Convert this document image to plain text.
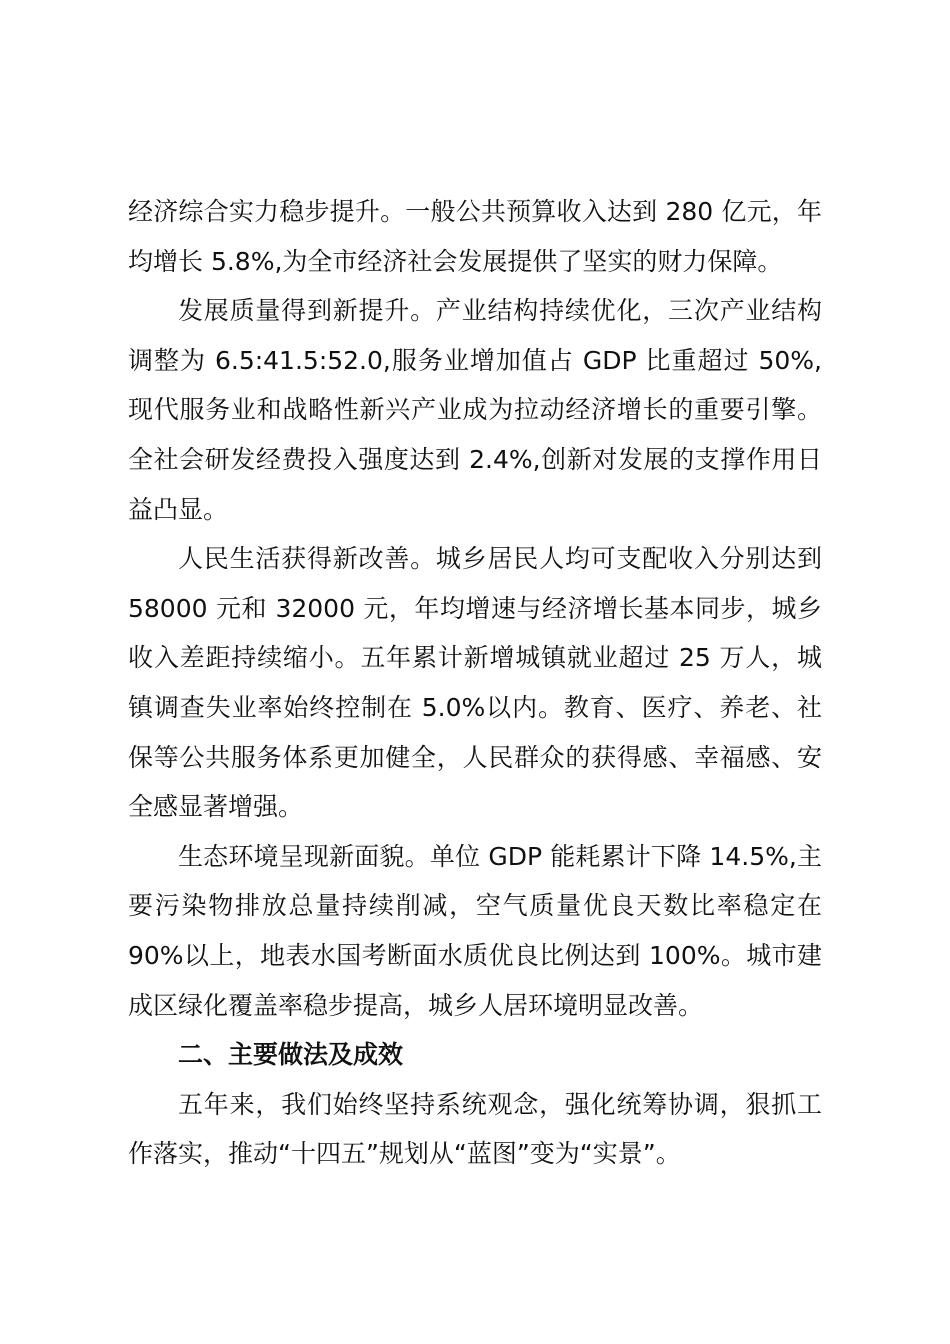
经济综合实力稳步提升。一般公共预算收入达到 280 亿元，年均增长 5.8%,为全市经济社会发展提供了坚实的财力保障。

发展质量得到新提升。产业结构持续优化，三次产业结构调整为 6.5:41.5:52.0,服务业增加值占 GDP 比重超过 50%,现代服务业和战略性新兴产业成为拉动经济增长的重要引擎。全社会研发经费投入强度达到 2.4%,创新对发展的支撑作用日益凸显。

人民生活获得新改善。城乡居民人均可支配收入分别达到 58000 元和 32000 元，年均增速与经济增长基本同步，城乡收入差距持续缩小。五年累计新增城镇就业超过 25 万人，城镇调查失业率始终控制在 5.0%以内。教育、医疗、养老、社保等公共服务体系更加健全，人民群众的获得感、幸福感、安全感显著增强。

生态环境呈现新面貌。单位 GDP 能耗累计下降 14.5%,主要污染物排放总量持续削减，空气质量优良天数比率稳定在 90%以上，地表水国考断面水质优良比例达到 100%。城市建成区绿化覆盖率稳步提高，城乡人居环境明显改善。

二、主要做法及成效

五年来，我们始终坚持系统观念，强化统筹协调，狠抓工作落实，推动“十四五”规划从“蓝图”变为“实景”。
